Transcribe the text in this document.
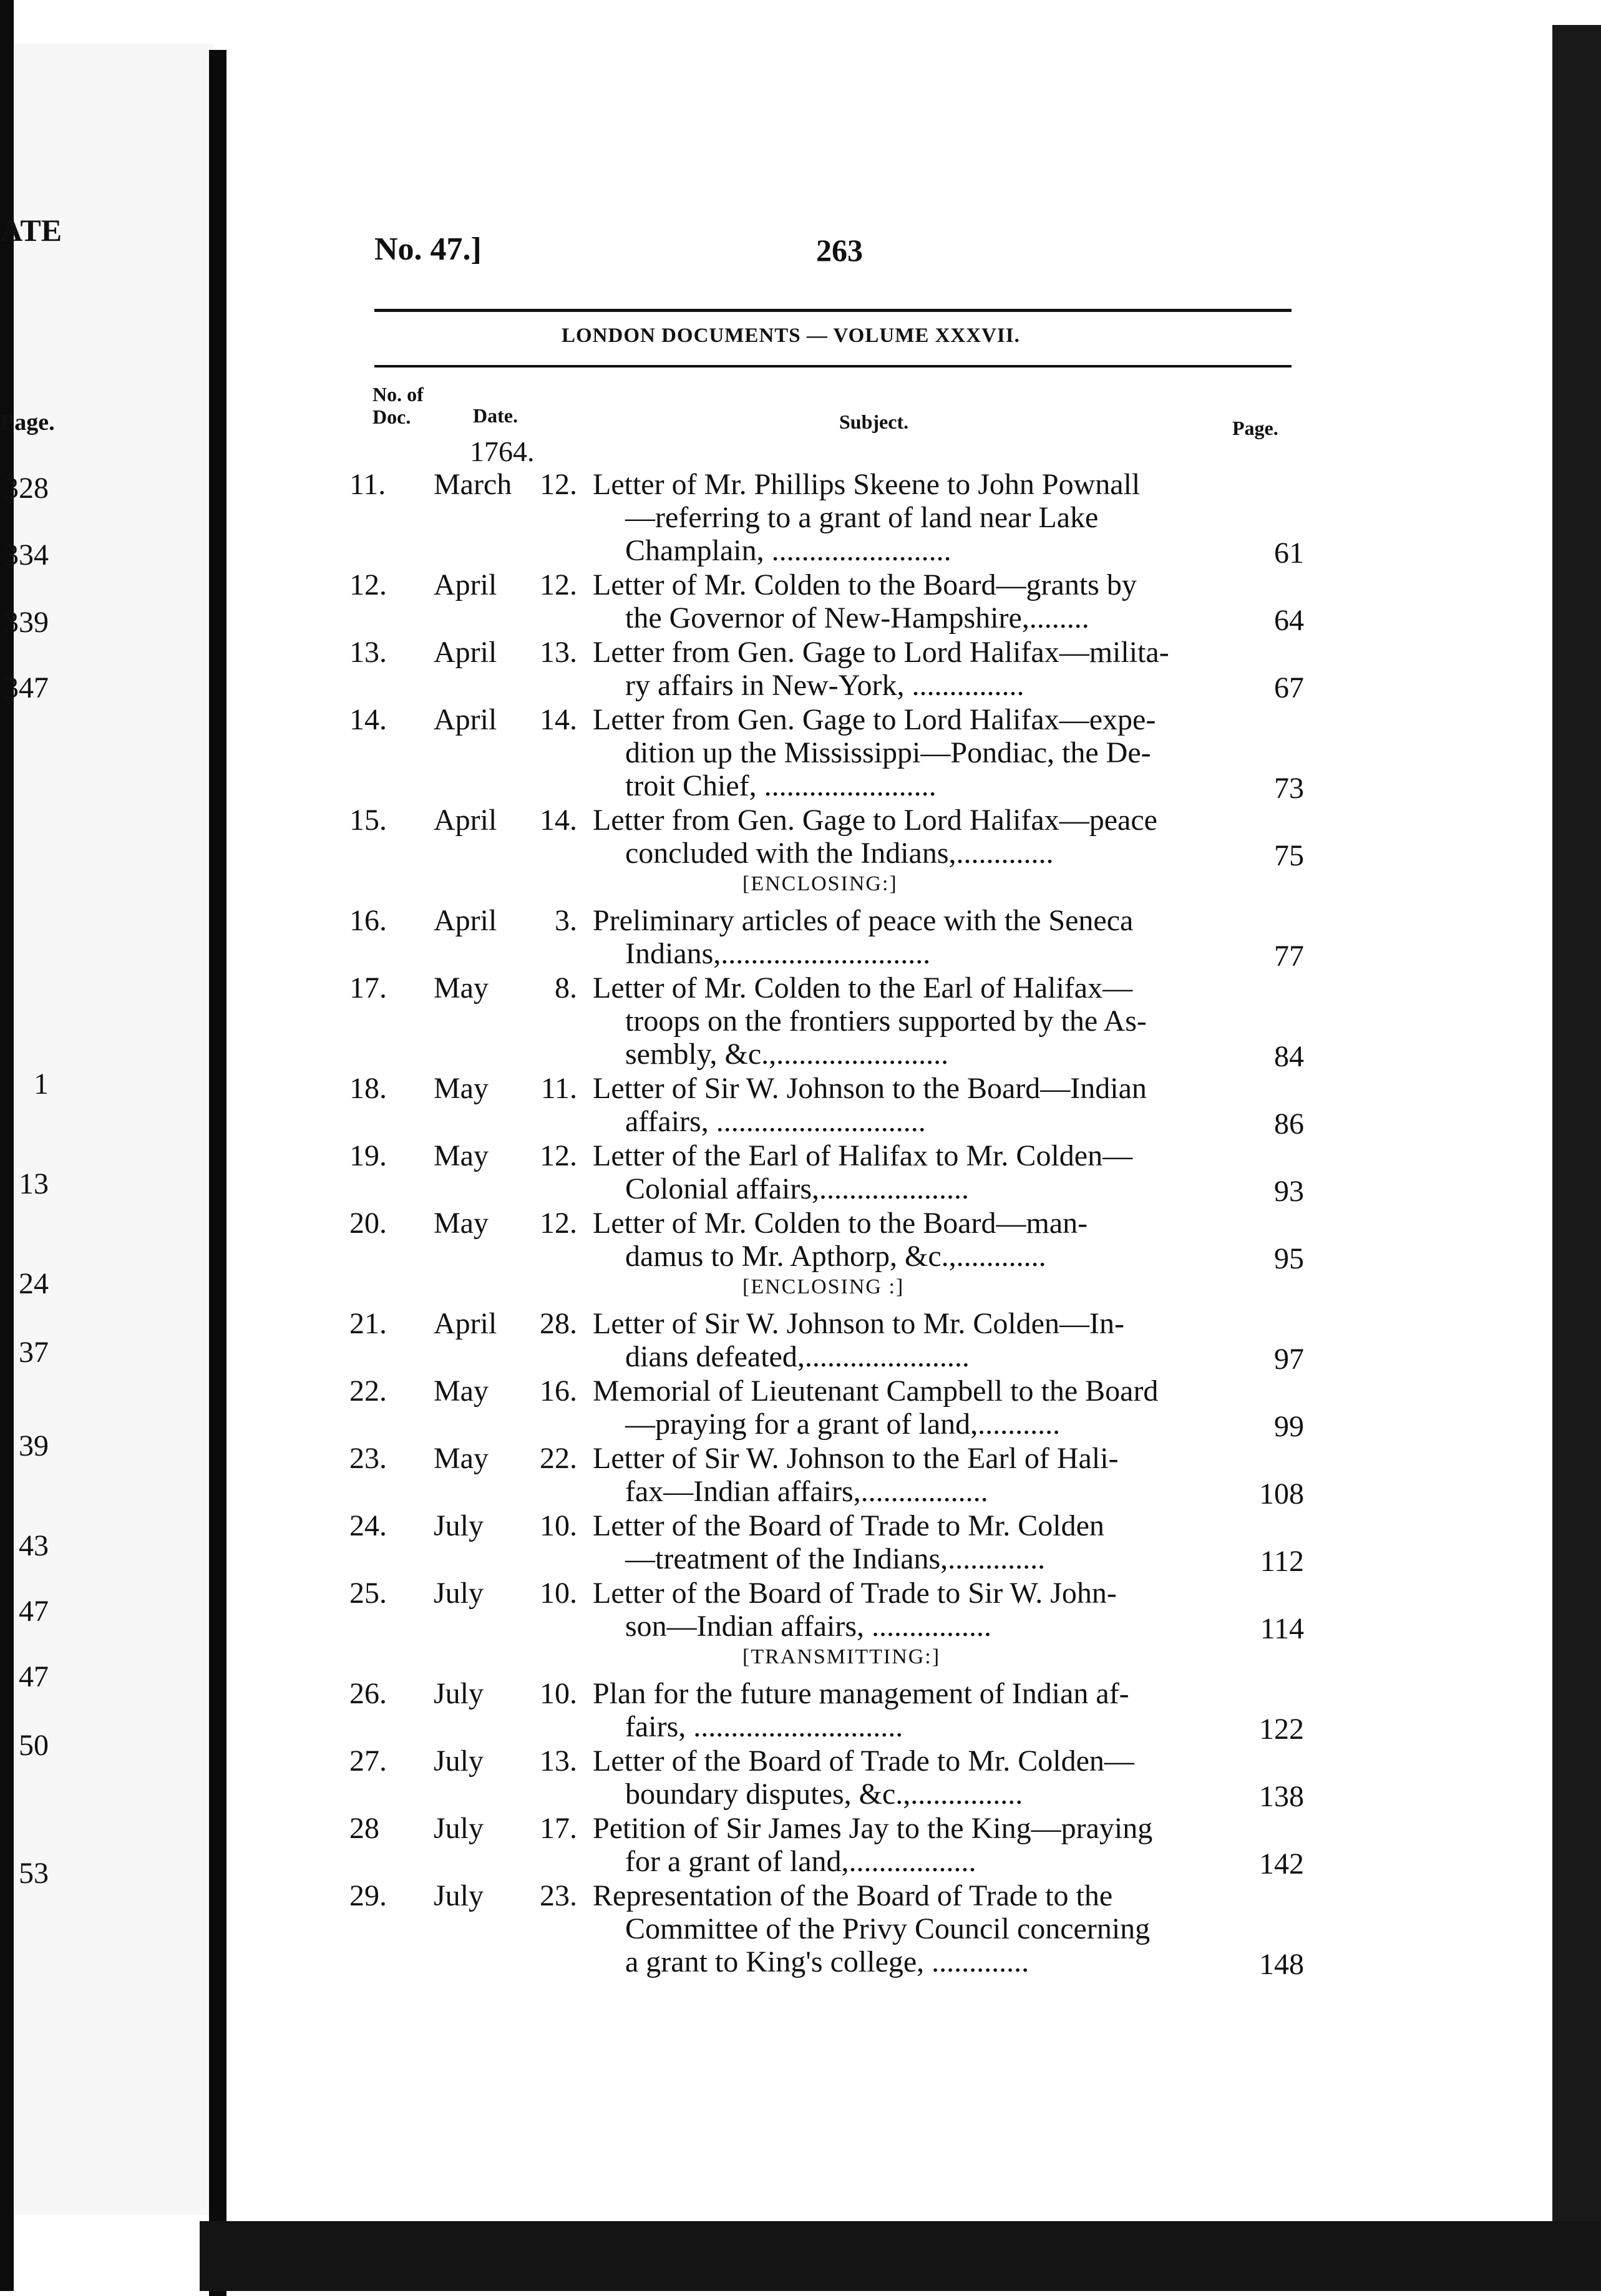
ATE
Page.
328
334
339
347
1
13
24
37
39
43
47
47
50
53
No. 47.]	263
LONDON DOCUMENTS — VOLUME XXXVII.
No. of
Doc.	Date.	Subject.	Page.
1764.
11.	March 12. Letter of Mr. Phillips Skeene to John Pownall
—referring to a grant of land near Lake
Champlain, ........................	61
12.	April 12. Letter of Mr. Colden to the Board—grants by
the Governor of New-Hampshire,........	64
13.	April 13. Letter from Gen. Gage to Lord Halifax—milita-
ry affairs in New-York, ...............	67
14.	April 14. Letter from Gen. Gage to Lord Halifax—expe-
dition up the Mississippi—Pondiac, the De-
troit Chief, .......................	73
15.	April 14. Letter from Gen. Gage to Lord Halifax—peace
concluded with the Indians,.............	75
[ENCLOSING:]
16.	April	3. Preliminary articles of peace with the Seneca
Indians,............................	77
17.	May	8. Letter of Mr. Colden to the Earl of Halifax—
troops on the frontiers supported by the As-
sembly, &c.,.......................	84
18.	May 11. Letter of Sir W. Johnson to the Board—Indian
affairs, ............................	86
19.	May 12. Letter of the Earl of Halifax to Mr. Colden—
Colonial affairs,....................	93
20.	May 12. Letter of Mr. Colden to the Board—man-
damus to Mr. Apthorp, &c.,............	95
[ENCLOSING :]
21.	April 28. Letter of Sir W. Johnson to Mr. Colden—In-
dians defeated,......................	97
22.	May 16. Memorial of Lieutenant Campbell to the Board
—praying for a grant of land,...........	99
23.	May 22. Letter of Sir W. Johnson to the Earl of Hali-
fax—Indian affairs,.................	108
24.	July 10. Letter of the Board of Trade to Mr. Colden
—treatment of the Indians,.............	112
25.	July 10. Letter of the Board of Trade to Sir W. John-
son—Indian affairs, ................	114
[TRANSMITTING:]
26.	July 10. Plan for the future management of Indian af-
fairs, ............................	122
27.	July 13. Letter of the Board of Trade to Mr. Colden—
boundary disputes, &c.,...............	138
28	July 17. Petition of Sir James Jay to the King—praying
for a grant of land,.................	142
29.	July 23. Representation of the Board of Trade to the
Committee of the Privy Council concerning
a grant to King's college, .............	148
